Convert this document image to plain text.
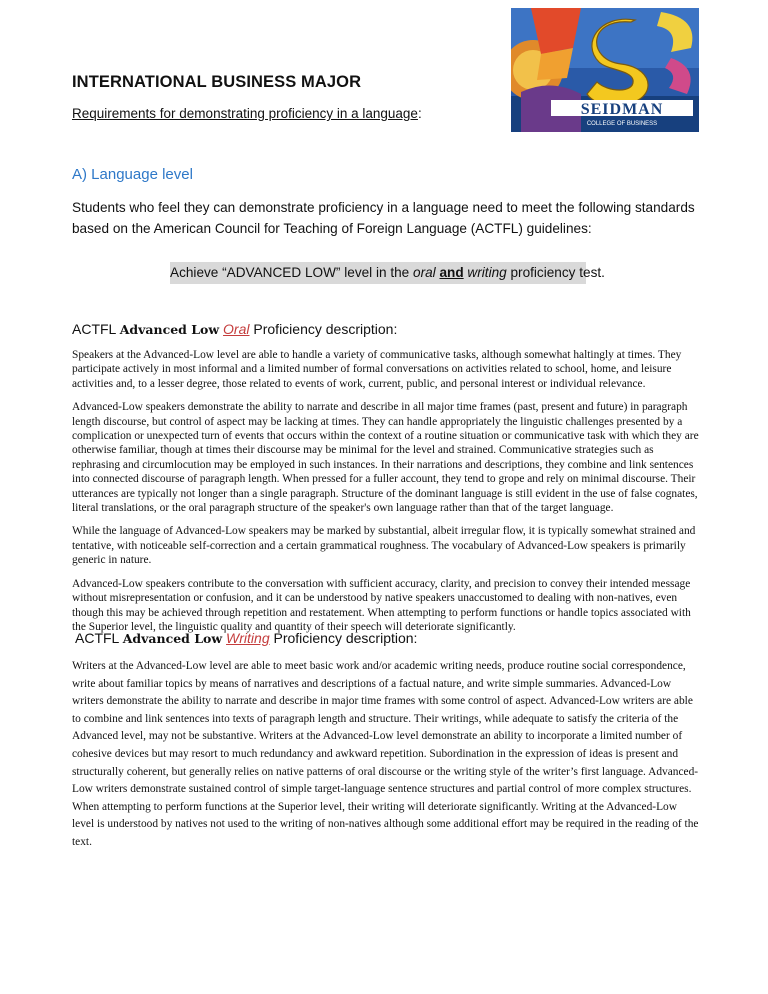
SEIDMAN
COLLEGE OF BUSINESS
INTERNATIONAL BUSINESS MAJOR
Requirements for demonstrating proficiency in a language:
A) Language level
Students who feel they can demonstrate proficiency in a language need to meet the following standards based on the American Council for Teaching of Foreign Language (ACTFL) guidelines:
Achieve “ADVANCED LOW” level in the oral and writing proficiency test.
ACTFL Advanced Low Oral Proficiency description:

Speakers at the Advanced-Low level are able to handle a variety of communicative tasks, although somewhat haltingly at times. They participate actively in most informal and a limited number of formal conversations on activities related to school, home, and leisure activities and, to a lesser degree, those related to events of work, current, public, and personal interest or individual relevance.

Advanced-Low speakers demonstrate the ability to narrate and describe in all major time frames (past, present and future) in paragraph length discourse, but control of aspect may be lacking at times. They can handle appropriately the linguistic challenges presented by a complication or unexpected turn of events that occurs within the context of a routine situation or communicative task with which they are otherwise familiar, though at times their discourse may be minimal for the level and strained. Communicative strategies such as rephrasing and circumlocution may be employed in such instances. In their narrations and descriptions, they combine and link sentences into connected discourse of paragraph length. When pressed for a fuller account, they tend to grope and rely on minimal discourse. Their utterances are typically not longer than a single paragraph. Structure of the dominant language is still evident in the use of false cognates, literal translations, or the oral paragraph structure of the speaker's own language rather than that of the target language.

While the language of Advanced-Low speakers may be marked by substantial, albeit irregular flow, it is typically somewhat strained and tentative, with noticeable self-correction and a certain grammatical roughness. The vocabulary of Advanced-Low speakers is primarily generic in nature.

Advanced-Low speakers contribute to the conversation with sufficient accuracy, clarity, and precision to convey their intended message without misrepresentation or confusion, and it can be understood by native speakers unaccustomed to dealing with non-natives, even though this may be achieved through repetition and restatement. When attempting to perform functions or handle topics associated with the Superior level, the linguistic quality and quantity of their speech will deteriorate significantly.

ACTFL Advanced Low Writing Proficiency description:

Writers at the Advanced-Low level are able to meet basic work and/or academic writing needs, produce routine social correspondence, write about familiar topics by means of narratives and descriptions of a factual nature, and write simple summaries. Advanced-Low writers demonstrate the ability to narrate and describe in major time frames with some control of aspect. Advanced-Low writers are able to combine and link sentences into texts of paragraph length and structure. Their writings, while adequate to satisfy the criteria of the Advanced level, may not be substantive. Writers at the Advanced-Low level demonstrate an ability to incorporate a limited number of cohesive devices but may resort to much redundancy and awkward repetition. Subordination in the expression of ideas is present and structurally coherent, but generally relies on native patterns of oral discourse or the writing style of the writer’s first language. Advanced-Low writers demonstrate sustained control of simple target-language sentence structures and partial control of more complex structures. When attempting to perform functions at the Superior level, their writing will deteriorate significantly. Writing at the Advanced-Low level is understood by natives not used to the writing of non-natives although some additional effort may be required in the reading of the text.
